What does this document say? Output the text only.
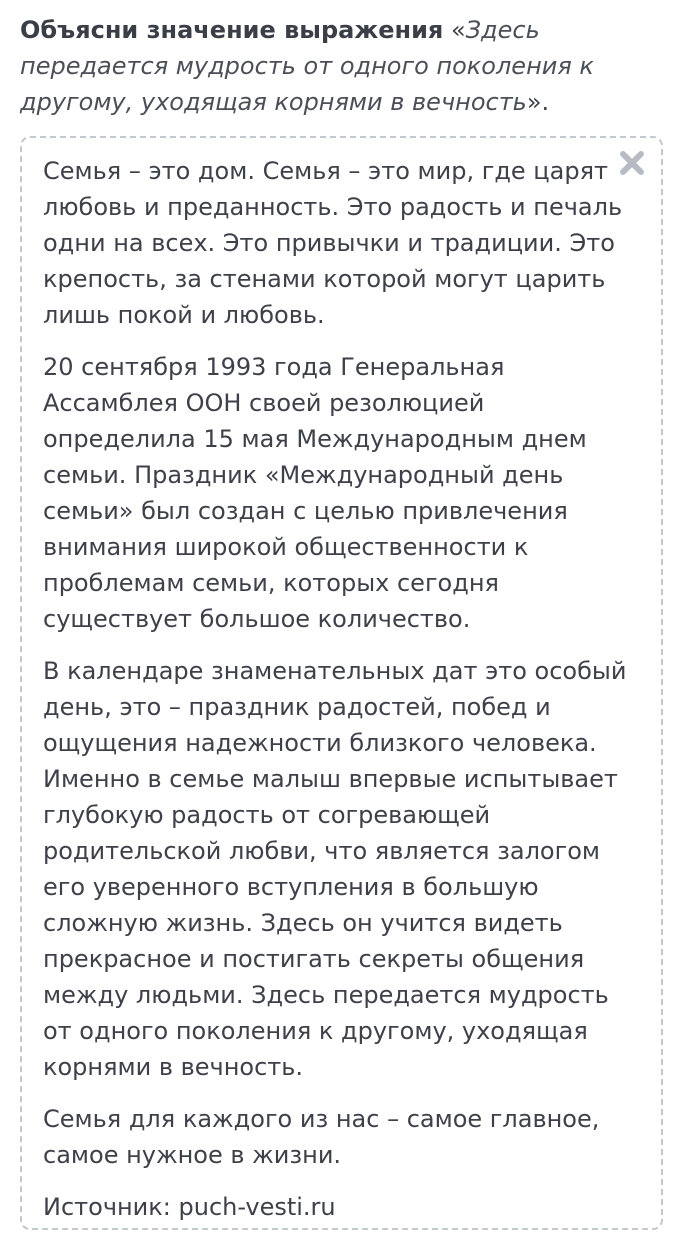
Объясни значение выражения «Здесь передается мудрость от одного поколения к другому, уходящая корнями в вечность».

Семья – это дом. Семья – это мир, где царят любовь и преданность. Это радость и печаль одни на всех. Это привычки и традиции. Это крепость, за стенами которой могут царить лишь покой и любовь.

20 сентября 1993 года Генеральная Ассамблея ООН своей резолюцией определила 15 мая Международным днем семьи. Праздник «Международный день семьи» был создан с целью привлечения внимания широкой общественности к проблемам семьи, которых сегодня существует большое количество.

В календаре знаменательных дат это особый день, это – праздник радостей, побед и ощущения надежности близкого человека. Именно в семье малыш впервые испытывает глубокую радость от согревающей родительской любви, что является залогом его уверенного вступления в большую сложную жизнь. Здесь он учится видеть прекрасное и постигать секреты общения между людьми. Здесь передается мудрость от одного поколения к другому, уходящая корнями в вечность.

Семья для каждого из нас – самое главное, самое нужное в жизни.

Источник: puch-vesti.ru
